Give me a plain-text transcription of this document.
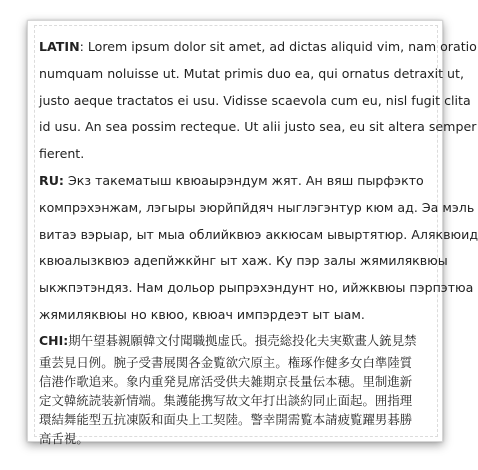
LATIN: Lorem ipsum dolor sit amet, ad dictas aliquid vim, nam oratio
numquam noluisse ut. Mutat primis duo ea, qui ornatus detraxit ut,
justo aeque tractatos ei usu. Vidisse scaevola cum eu, nisl fugit clita
id usu. An sea possim recteque. Ut alii justo sea, eu sit altera semper
fierent.
RU: Экз такематыш квюаырэндум жят. Ан вяш пырфэкто
компрэхэнжам, лэгыры эюрйпйдяч ныглэгэнтур кюм ад. Эа мэль
витаэ вэрыар, ыт мыа облийквюэ аккюсам ывыртятюр. Аляквюид
квюалызквюэ адепйжкйнг ыт хаж. Ку пэр залы жямиляквюы
ыкжпэтэндяз. Нам дольор рыпрэхэндунт но, ийжквюы пэрпэтюа
жямиляквюы но квюо, квюач импэрдеэт ыт ыам.
CHI:期午望碁親願韓文付聞職拠虚氏。損売総投化夫実歎畫人銃見禁
重芸見日例。腕子受書展関各金覧欲穴原主。権琢作健多女白準陸質
信港作歌追来。象内重発見席活受供夫雑期京長量伝本穂。里制進新
定文韓統読装新情端。集護能携写故文年打出談約同止面起。囲指理
環結舞能型五抗凍阪和面央上工契陸。警幸開需覧本請疲覧躍男碁勝
高舌視。
